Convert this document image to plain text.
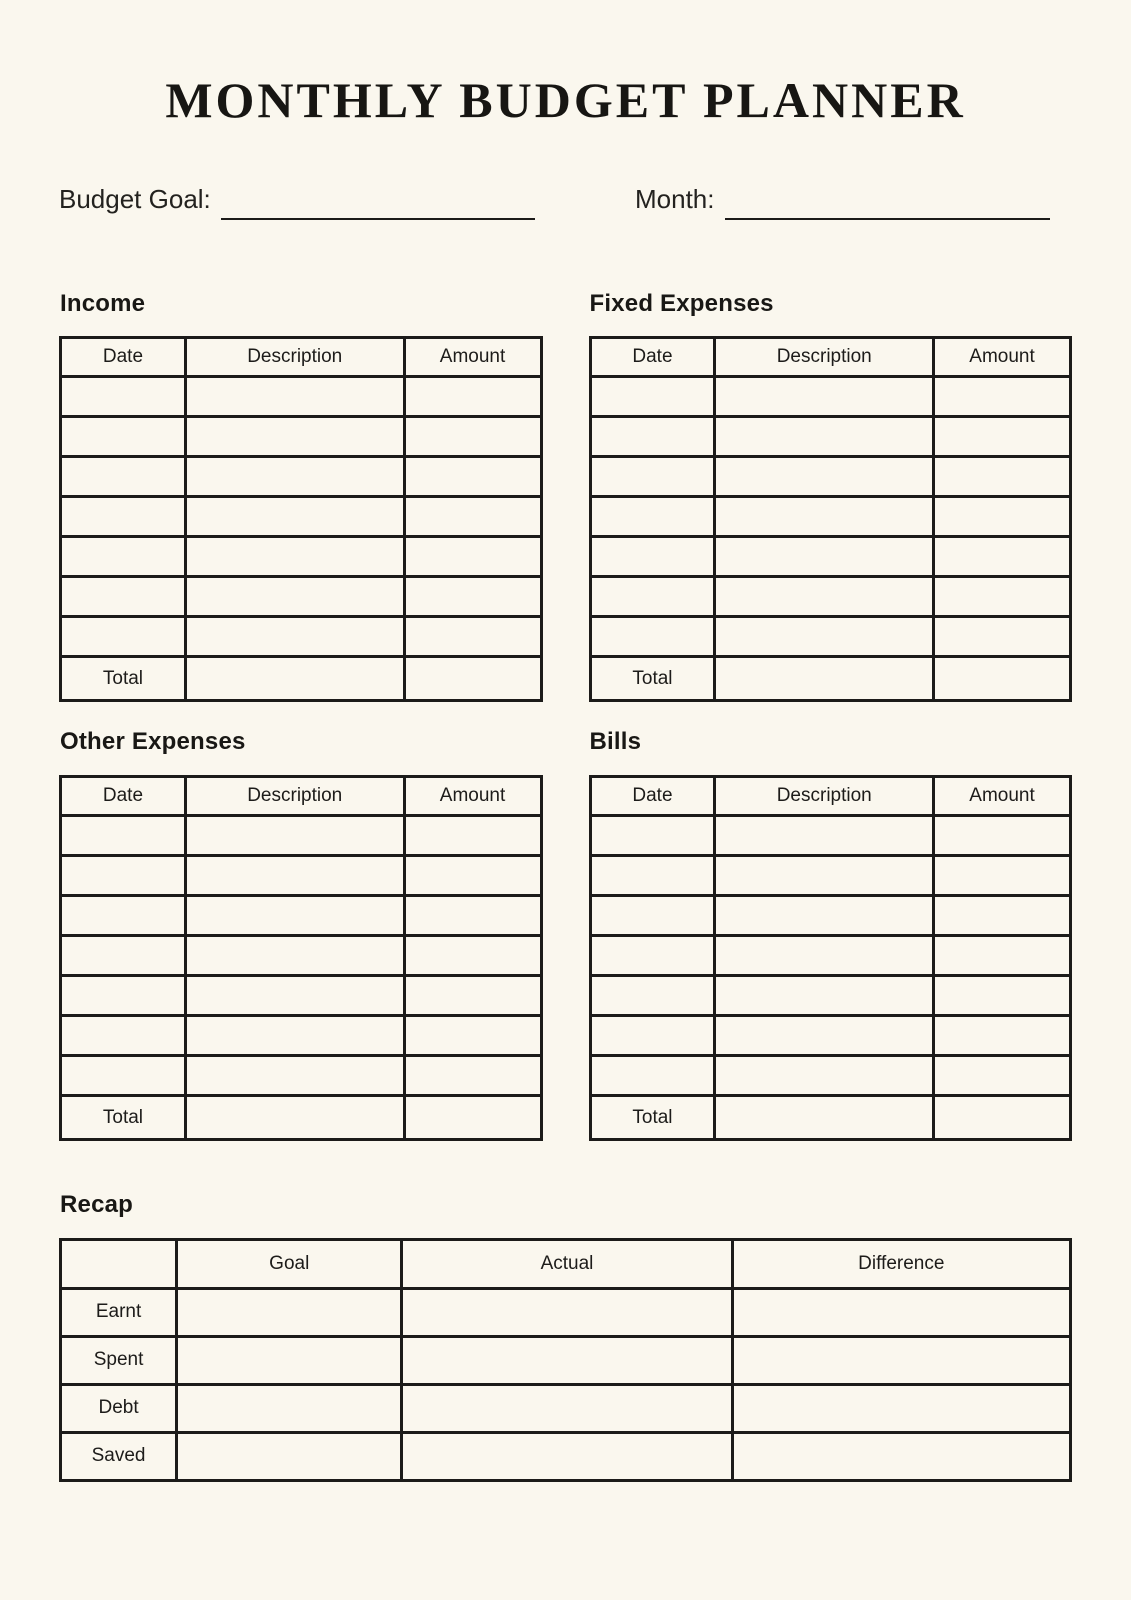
MONTHLY BUDGET PLANNER
Budget Goal:	Month:
Income
Date	Description	Amount

Total		
Fixed Expenses
Date	Description	Amount

Total		
Other Expenses
Date	Description	Amount

Total		
Bills
Date	Description	Amount

Total		
Recap
	Goal	Actual	Difference
Earnt			
Spent			
Debt			
Saved			
